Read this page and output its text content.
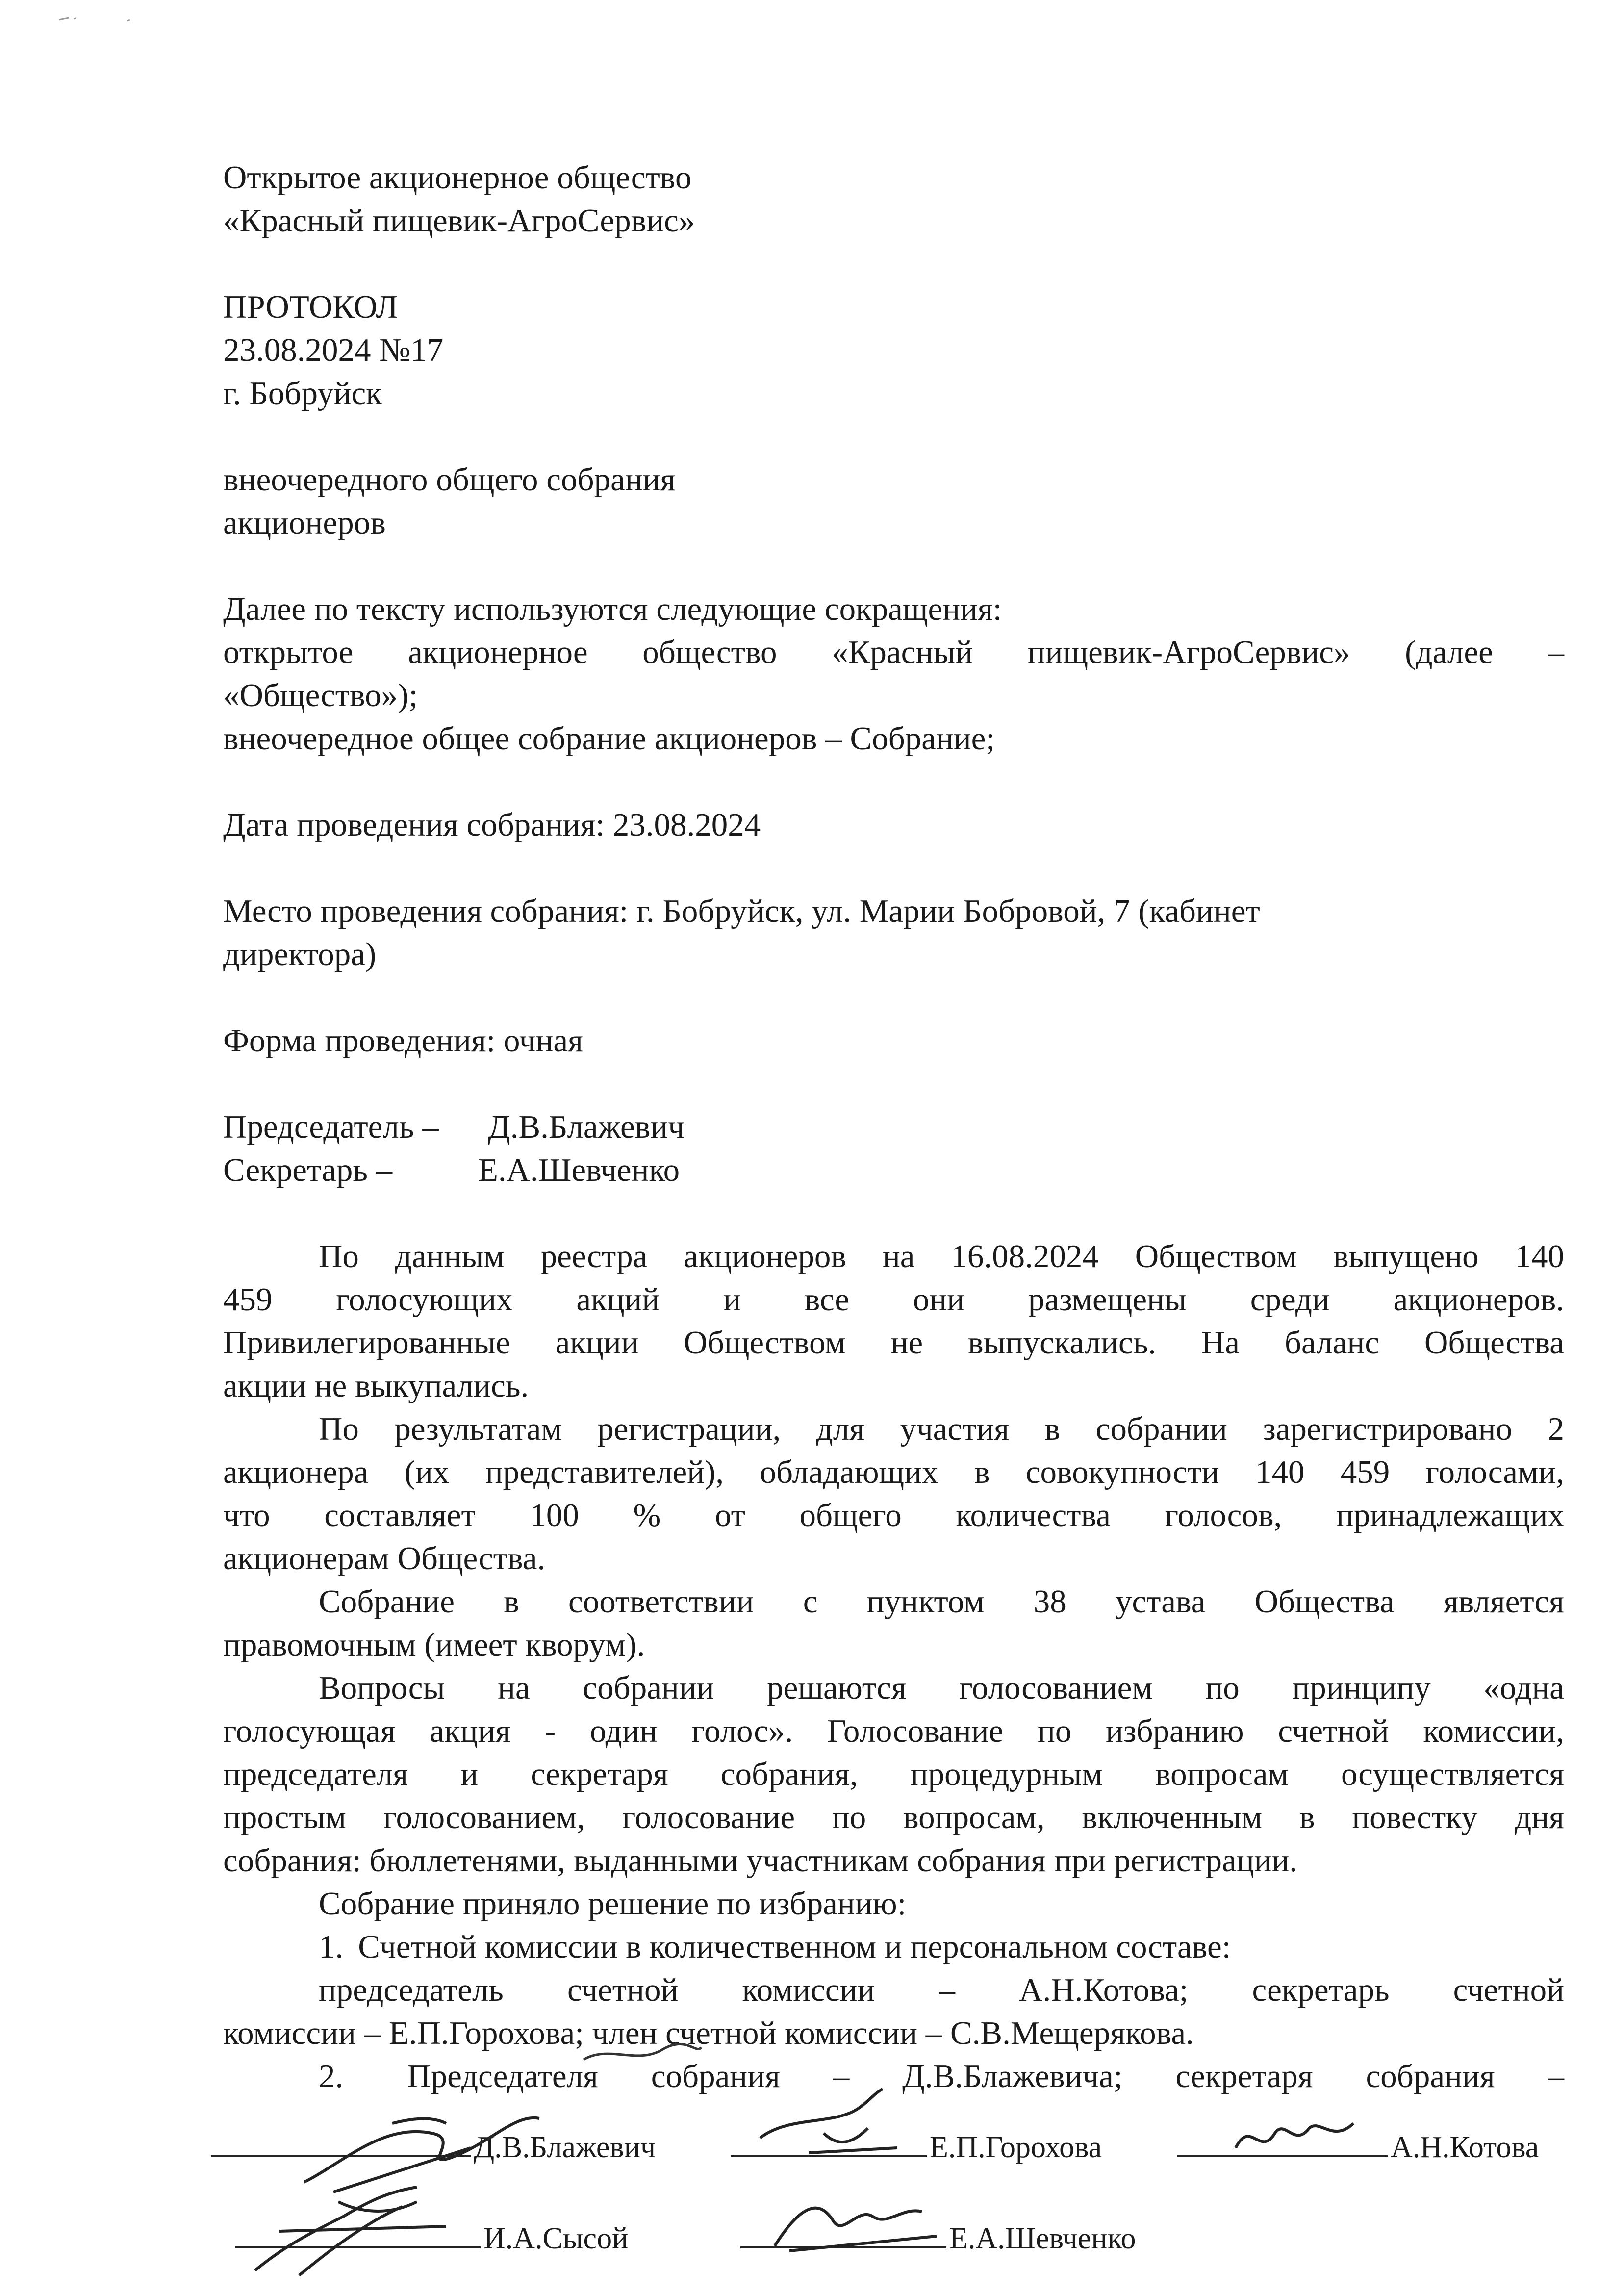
Открытое акционерное общество
«Красный пищевик-АгроСервис»
ПРОТОКОЛ
23.08.2024 №17
г. Бобруйск
внеочередного общего собрания
акционеров
Далее по тексту используются следующие сокращения:
открытое акционерное общество «Красный пищевик-АгроСервис» (далее –
«Общество»);
внеочередное общее собрание акционеров – Собрание;
Дата проведения собрания: 23.08.2024
Место проведения собрания: г. Бобруйск, ул. Марии Бобровой, 7 (кабинет
директора)
Форма проведения: очная
Председатель –	Д.В.Блажевич
Секретарь –	Е.А.Шевченко
По данным реестра акционеров на 16.08.2024 Обществом выпущено 140
459 голосующих акций и все они размещены среди акционеров.
Привилегированные акции Обществом не выпускались. На баланс Общества
акции не выкупались.
По результатам регистрации, для участия в собрании зарегистрировано 2
акционера (их представителей), обладающих в совокупности 140 459 голосами,
что составляет 100 % от общего количества голосов, принадлежащих
акционерам Общества.
Собрание в соответствии с пунктом 38 устава Общества является
правомочным (имеет кворум).
Вопросы на собрании решаются голосованием по принципу «одна
голосующая акция - один голос». Голосование по избранию счетной комиссии,
председателя и секретаря собрания, процедурным вопросам осуществляется
простым голосованием, голосование по вопросам, включенным в повестку дня
собрания: бюллетенями, выданными участникам собрания при регистрации.
Собрание приняло решение по избранию:
1. Счетной комиссии в количественном и персональном составе:
председатель счетной комиссии – А.Н.Котова; секретарь счетной
комиссии – Е.П.Горохова; член счетной комиссии – С.В.Мещерякова.
2. Председателя собрания – Д.В.Блажевича; секретаря собрания –
Д.В.Блажевич	Е.П.Горохова	А.Н.Котова
И.А.Сысой	Е.А.Шевченко
